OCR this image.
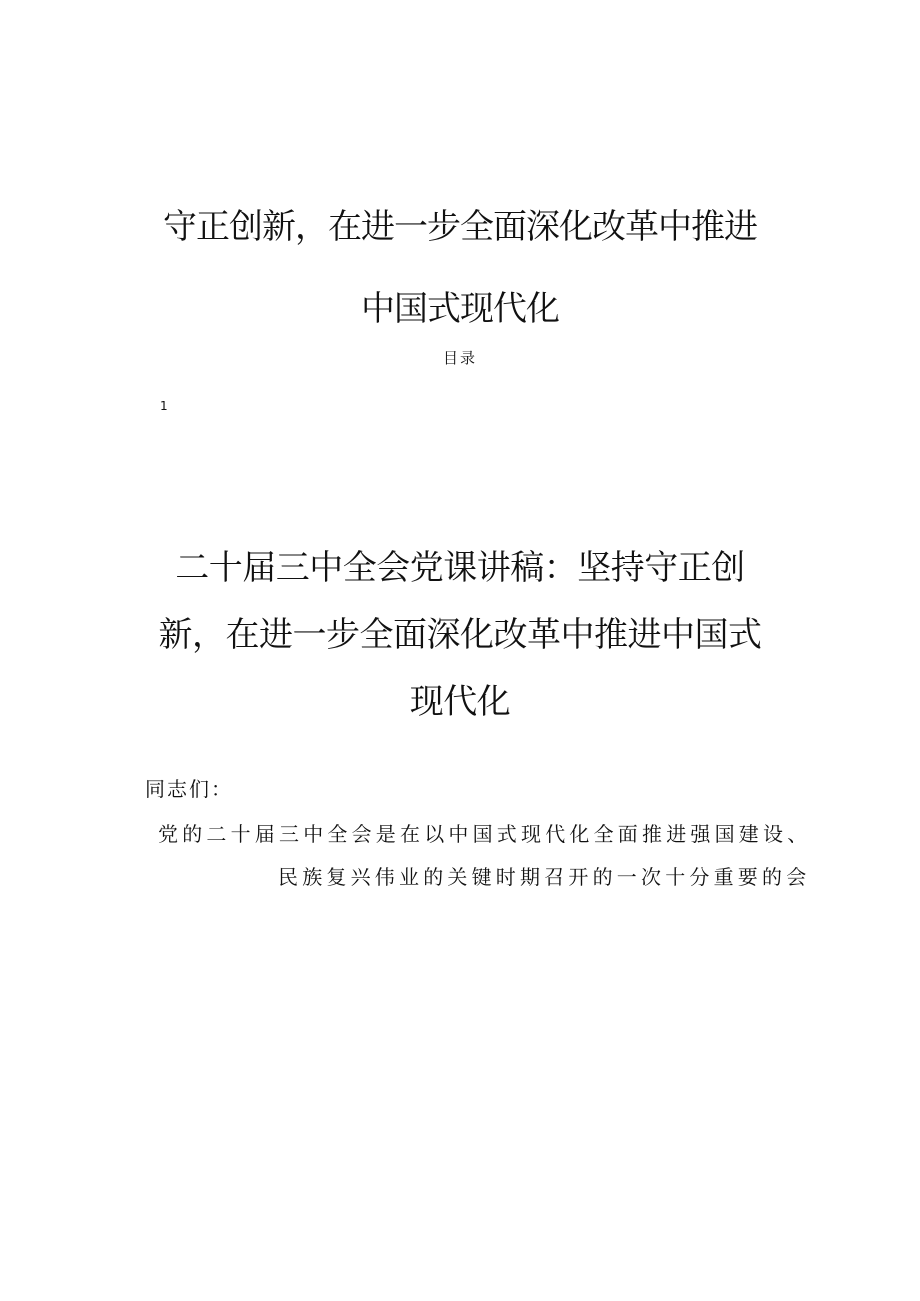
守正创新，在进一步全面深化改革中推进
中国式现代化
目录
1
二十届三中全会党课讲稿：坚持守正创
新，在进一步全面深化改革中推进中国式
现代化
同志们：
党的二十届三中全会是在以中国式现代化全面推进强国建设、
民族复兴伟业的关键时期召开的一次十分重要的会
